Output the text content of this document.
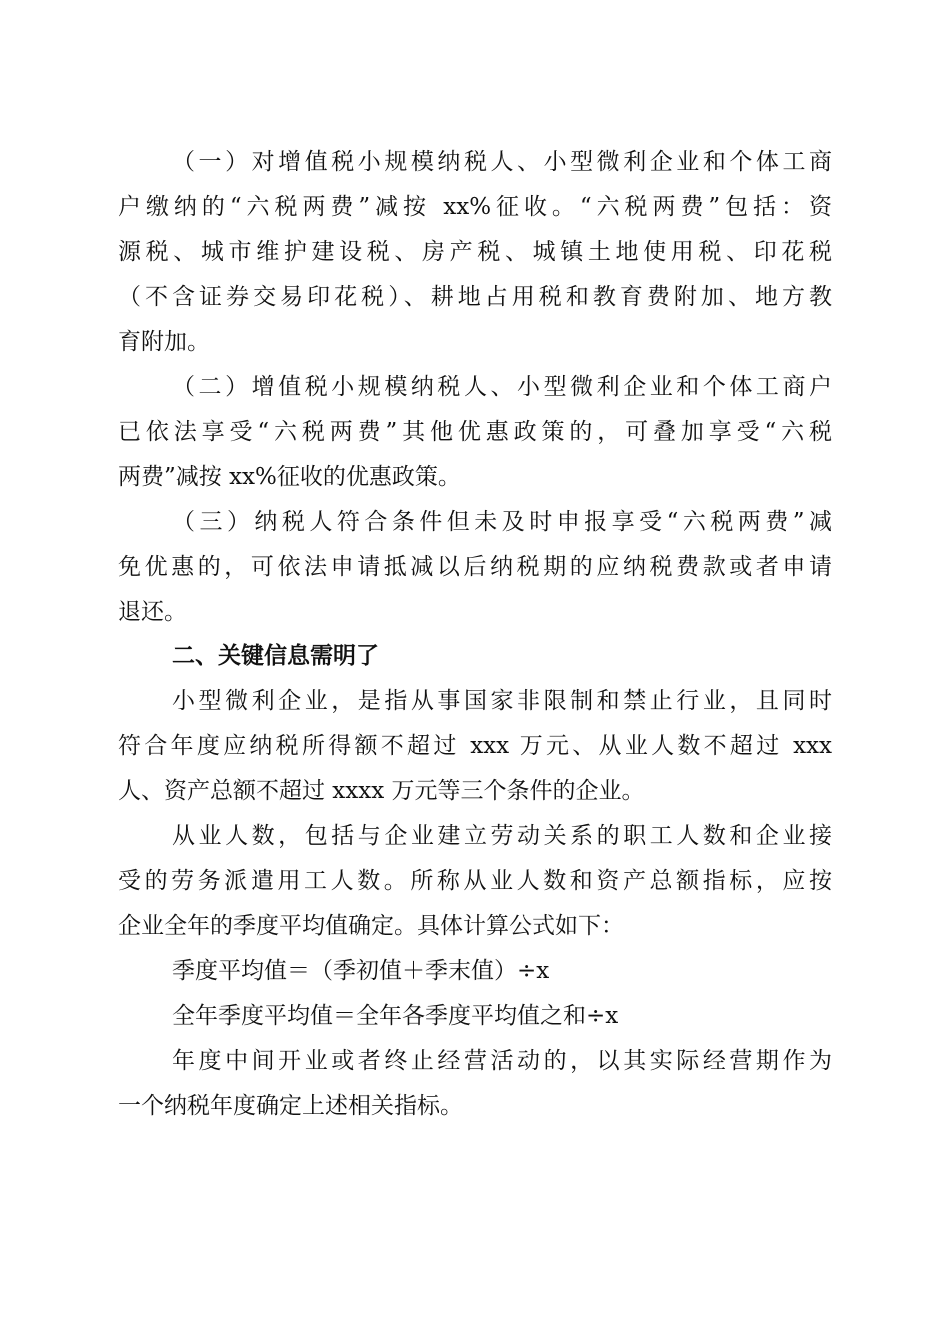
（一）对增值税小规模纳税人、小型微利企业和个体工商
户缴纳的“六税两费”减按 xx%征收。“六税两费”包括：资
源税、城市维护建设税、房产税、城镇土地使用税、印花税
（不含证券交易印花税）、耕地占用税和教育费附加、地方教
育附加。
（二）增值税小规模纳税人、小型微利企业和个体工商户
已依法享受“六税两费”其他优惠政策的，可叠加享受“六税
两费”减按 xx%征收的优惠政策。
（三）纳税人符合条件但未及时申报享受“六税两费”减
免优惠的，可依法申请抵减以后纳税期的应纳税费款或者申请
退还。
二、关键信息需明了
小型微利企业，是指从事国家非限制和禁止行业，且同时
符合年度应纳税所得额不超过 xxx 万元、从业人数不超过 xxx
人、资产总额不超过 xxxx 万元等三个条件的企业。
从业人数，包括与企业建立劳动关系的职工人数和企业接
受的劳务派遣用工人数。所称从业人数和资产总额指标，应按
企业全年的季度平均值确定。具体计算公式如下：
季度平均值＝（季初值＋季末值）÷x
全年季度平均值＝全年各季度平均值之和÷x
年度中间开业或者终止经营活动的，以其实际经营期作为
一个纳税年度确定上述相关指标。
